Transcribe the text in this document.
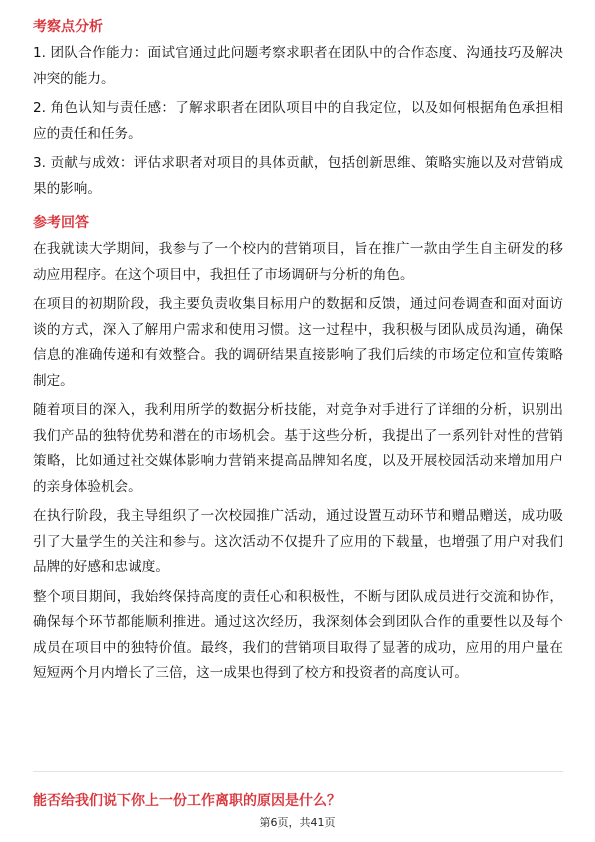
考察点分析

1. 团队合作能力：面试官通过此问题考察求职者在团队中的合作态度、沟通技巧及解决冲突的能力。

2. 角色认知与责任感：了解求职者在团队项目中的自我定位，以及如何根据角色承担相应的责任和任务。

3. 贡献与成效：评估求职者对项目的具体贡献，包括创新思维、策略实施以及对营销成果的影响。

参考回答

在我就读大学期间，我参与了一个校内的营销项目，旨在推广一款由学生自主研发的移动应用程序。在这个项目中，我担任了市场调研与分析的角色。

在项目的初期阶段，我主要负责收集目标用户的数据和反馈，通过问卷调查和面对面访谈的方式，深入了解用户需求和使用习惯。这一过程中，我积极与团队成员沟通，确保信息的准确传递和有效整合。我的调研结果直接影响了我们后续的市场定位和宣传策略制定。

随着项目的深入，我利用所学的数据分析技能，对竞争对手进行了详细的分析，识别出我们产品的独特优势和潜在的市场机会。基于这些分析，我提出了一系列针对性的营销策略，比如通过社交媒体影响力营销来提高品牌知名度，以及开展校园活动来增加用户的亲身体验机会。

在执行阶段，我主导组织了一次校园推广活动，通过设置互动环节和赠品赠送，成功吸引了大量学生的关注和参与。这次活动不仅提升了应用的下载量，也增强了用户对我们品牌的好感和忠诚度。

整个项目期间，我始终保持高度的责任心和积极性，不断与团队成员进行交流和协作，确保每个环节都能顺利推进。通过这次经历，我深刻体会到团队合作的重要性以及每个成员在项目中的独特价值。最终，我们的营销项目取得了显著的成功，应用的用户量在短短两个月内增长了三倍，这一成果也得到了校方和投资者的高度认可。

能否给我们说下你上一份工作离职的原因是什么？
第6页，共41页
